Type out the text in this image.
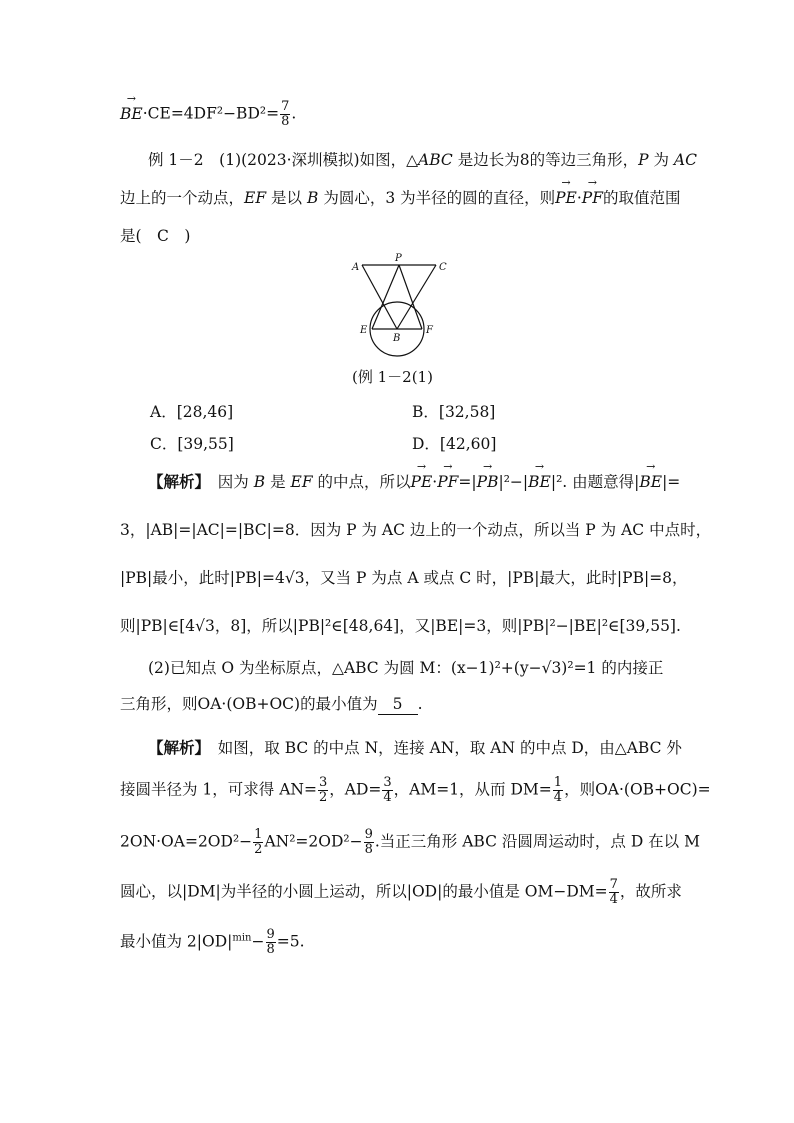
→ $BE\cdot CE=4DF^2-BD^2= \frac{7}{8}$ .
例 1－2　 (1)(2023·深圳模拟)如图，△ABC 是边长为8的等边三角形，P 为 AC
边上的一个动点，EF 是以 B 为圆心，3 为半径的圆的直径，则→ PE·→ PF的取值范围
是(　C　)
A
P
C
E
B
F
(例 1－2(1)
A．[28,46]	B．[32,58]
C．[39,55]	D．[42,60]
【解析】　 因为 B 是 EF 的中点，所以→ PE·→ PF=|→ PB|²−|→ BE|². 由题意得|→ BE|=
3，|AB|=|AC|=|BC|=8．因为 P 为 AC 边上的一个动点，所以当 P 为 AC 中点时，
|PB|最小，此时|PB|=4√3，又当 P 为点 A 或点 C 时，|PB|最大，此时|PB|=8，
则|PB|∈[4√3，8]，所以|PB|²∈[48,64]，又|BE|=3，则|PB|²−|BE|²∈[39,55].
(2)已知点 O 为坐标原点，△ABC 为圆 M：(x−1)²+(y−√3)²=1 的内接正
三角形，则OA·(OB+OC)的最小值为 5 .
【解析】　 如图，取 BC 的中点 N，连接 AN，取 AN 的中点 D，由△ABC 外
接圆半径为 1，可求得 $AN= \frac{3}{2}$ ，$AD= \frac{3}{4}$ ，AM=1，从而 $DM= \frac{1}{4}$ ，则OA·(OB+OC)=
$2ON\cdot OA=2OD^2- \frac{1}{2} AN^2=2OD^2- \frac{9}{8}$ .当正三角形 ABC 沿圆周运动时，点 D 在以 M
圆心，以|DM|为半径的小圆上运动，所以|OD|的最小值是 $OM-DM= \frac{7}{4}$ ，故所求
最小值为 $2|OD|^{min}- \frac{9}{8} =5$.
